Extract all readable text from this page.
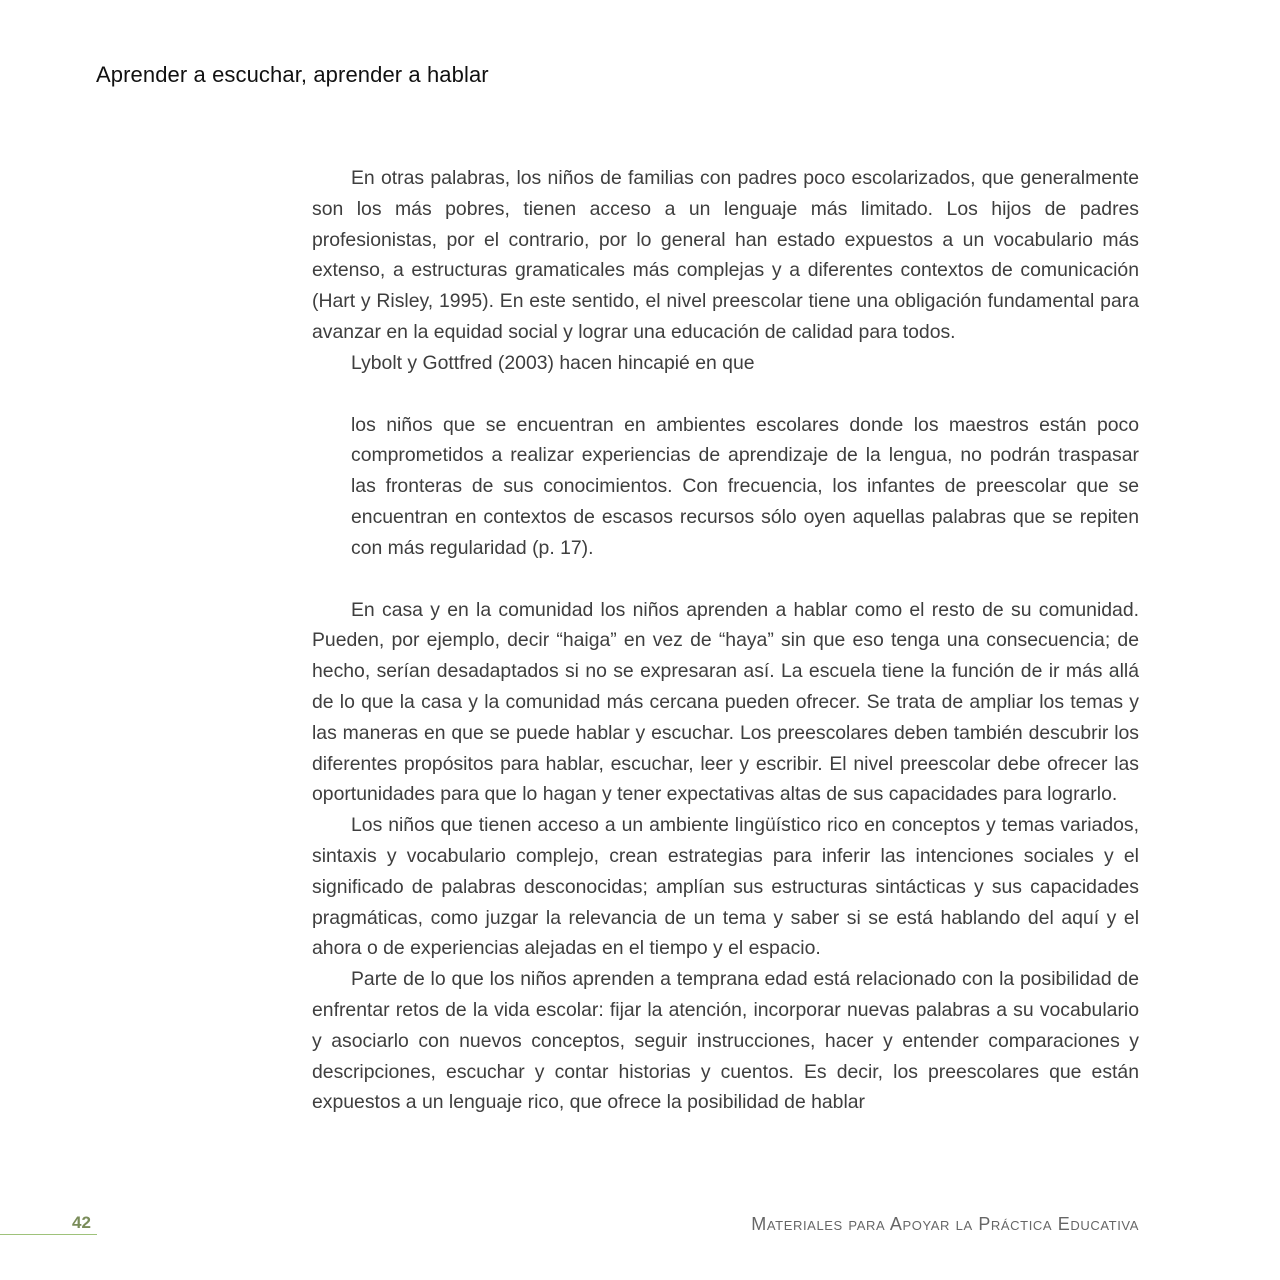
Aprender a escuchar, aprender a hablar

En otras palabras, los niños de familias con padres poco escolarizados, que generalmente son los más pobres, tienen acceso a un lenguaje más limitado. Los hijos de padres profesionistas, por el contrario, por lo general han estado expuestos a un vocabulario más extenso, a estructuras gramaticales más complejas y a diferentes contextos de comunicación (Hart y Risley, 1995). En este sentido, el nivel preescolar tiene una obligación fundamental para avanzar en la equidad social y lograr una educación de calidad para todos.

Lybolt y Gottfred (2003) hacen hincapié en que

los niños que se encuentran en ambientes escolares donde los maestros están poco comprometidos a realizar experiencias de aprendizaje de la lengua, no podrán traspasar las fronteras de sus conocimientos. Con frecuencia, los infantes de preescolar que se encuentran en contextos de escasos recursos sólo oyen aquellas palabras que se repiten con más regularidad (p. 17).

En casa y en la comunidad los niños aprenden a hablar como el resto de su comunidad. Pueden, por ejemplo, decir “haiga” en vez de “haya” sin que eso tenga una consecuencia; de hecho, serían desadaptados si no se expresaran así. La escuela tiene la función de ir más allá de lo que la casa y la comunidad más cercana pueden ofrecer. Se trata de ampliar los temas y las maneras en que se puede hablar y escuchar. Los preescolares deben también descubrir los diferentes propósitos para hablar, escuchar, leer y escribir. El nivel preescolar debe ofrecer las oportunidades para que lo hagan y tener expectativas altas de sus capacidades para lograrlo.

Los niños que tienen acceso a un ambiente lingüístico rico en conceptos y temas variados, sintaxis y vocabulario complejo, crean estrategias para inferir las intenciones sociales y el significado de palabras desconocidas; amplían sus estructuras sintácticas y sus capacidades pragmáticas, como juzgar la relevancia de un tema y saber si se está hablando del aquí y el ahora o de experiencias alejadas en el tiempo y el espacio.

Parte de lo que los niños aprenden a temprana edad está relacionado con la posibilidad de enfrentar retos de la vida escolar: fijar la atención, incorporar nuevas palabras a su vocabulario y asociarlo con nuevos conceptos, seguir instrucciones, hacer y entender comparaciones y descripciones, escuchar y contar historias y cuentos. Es decir, los preescolares que están expuestos a un lenguaje rico, que ofrece la posibilidad de hablar

42	Materiales para Apoyar la Práctica Educativa
